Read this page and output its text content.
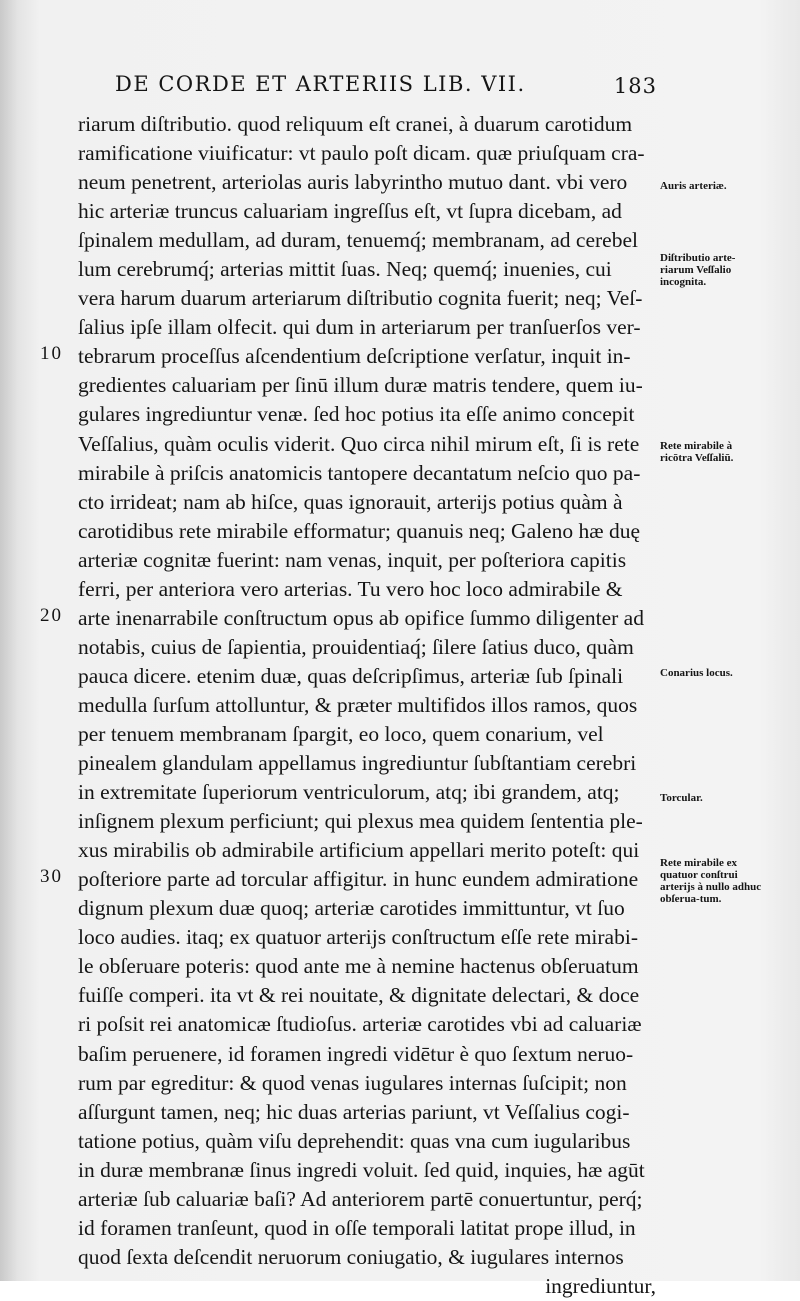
DE CORDE ET ARTERIIS LIB. VII.	183
riarum diſtributio. quod reliquum eſt cranei, à duarum carotidum
ramificatione viuificatur: vt paulo poſt dicam. quæ priuſquam cra-
neum penetrent, arteriolas auris labyrintho mutuo dant. vbi vero
hic arteriæ truncus caluariam ingreſſus eſt, vt ſupra dicebam, ad
ſpinalem medullam, ad duram, tenuemq́; membranam, ad cerebel
lum cerebrumq́; arterias mittit ſuas. Neq; quemq́; inuenies, cui
vera harum duarum arteriarum diſtributio cognita fuerit; neq; Veſ-
ſalius ipſe illam olfecit. qui dum in arteriarum per tranſuerſos ver-
tebrarum proceſſus aſcendentium deſcriptione verſatur, inquit in-
gredientes caluariam per ſinū illum duræ matris tendere, quem iu-
gulares ingrediuntur venæ. ſed hoc potius ita eſſe animo concepit
Veſſalius, quàm oculis viderit. Quo circa nihil mirum eſt, ſi is rete
mirabile à priſcis anatomicis tantopere decantatum neſcio quo pa-
cto irrideat; nam ab hiſce, quas ignorauit, arterijs potius quàm à
carotidibus rete mirabile efformatur; quanuis neq; Galeno hæ duę
arteriæ cognitæ fuerint: nam venas, inquit, per poſteriora capitis
ferri, per anteriora vero arterias. Tu vero hoc loco admirabile &
arte inenarrabile conſtructum opus ab opifice ſummo diligenter ad
notabis, cuius de ſapientia, prouidentiaq́; ſilere ſatius duco, quàm
pauca dicere. etenim duæ, quas deſcripſimus, arteriæ ſub ſpinali
medulla ſurſum attolluntur, & præter multifidos illos ramos, quos
per tenuem membranam ſpargit, eo loco, quem conarium, vel
pinealem glandulam appellamus ingrediuntur ſubſtantiam cerebri
in extremitate ſuperiorum ventriculorum, atq; ibi grandem, atq;
inſignem plexum perficiunt; qui plexus mea quidem ſententia ple-
xus mirabilis ob admirabile artificium appellari merito poteſt: qui
poſteriore parte ad torcular affigitur. in hunc eundem admiratione
dignum plexum duæ quoq; arteriæ carotides immittuntur, vt ſuo
loco audies. itaq; ex quatuor arterijs conſtructum eſſe rete mirabi-
le obſeruare poteris: quod ante me à nemine hactenus obſeruatum
fuiſſe comperi. ita vt & rei nouitate, & dignitate delectari, & doce
ri poſsit rei anatomicæ ſtudioſus. arteriæ carotides vbi ad caluariæ
baſim peruenere, id foramen ingredi vidētur è quo ſextum neruo-
rum par egreditur: & quod venas iugulares internas ſuſcipit; non
aſſurgunt tamen, neq; hic duas arterias pariunt, vt Veſſalius cogi-
tatione potius, quàm viſu deprehendit: quas vna cum iugularibus
in duræ membranæ ſinus ingredi voluit. ſed quid, inquies, hæ agūt
arteriæ ſub caluariæ baſi? Ad anteriorem partē conuertuntur, perq́;
id foramen tranſeunt, quod in oſſe temporali latitat prope illud, in
quod ſexta deſcendit neruorum coniugatio, & iugulares internos
ingrediuntur,
10
20
30
Auris arteriæ.
Diſtributio arte-riarum Veſſalio incognita.
Rete mirabile à ricōtra Veſſaliū.
Conarius locus.
Torcular.
Rete mirabile ex quatuor conſtrui arterijs à nullo adhuc obſerua-tum.
